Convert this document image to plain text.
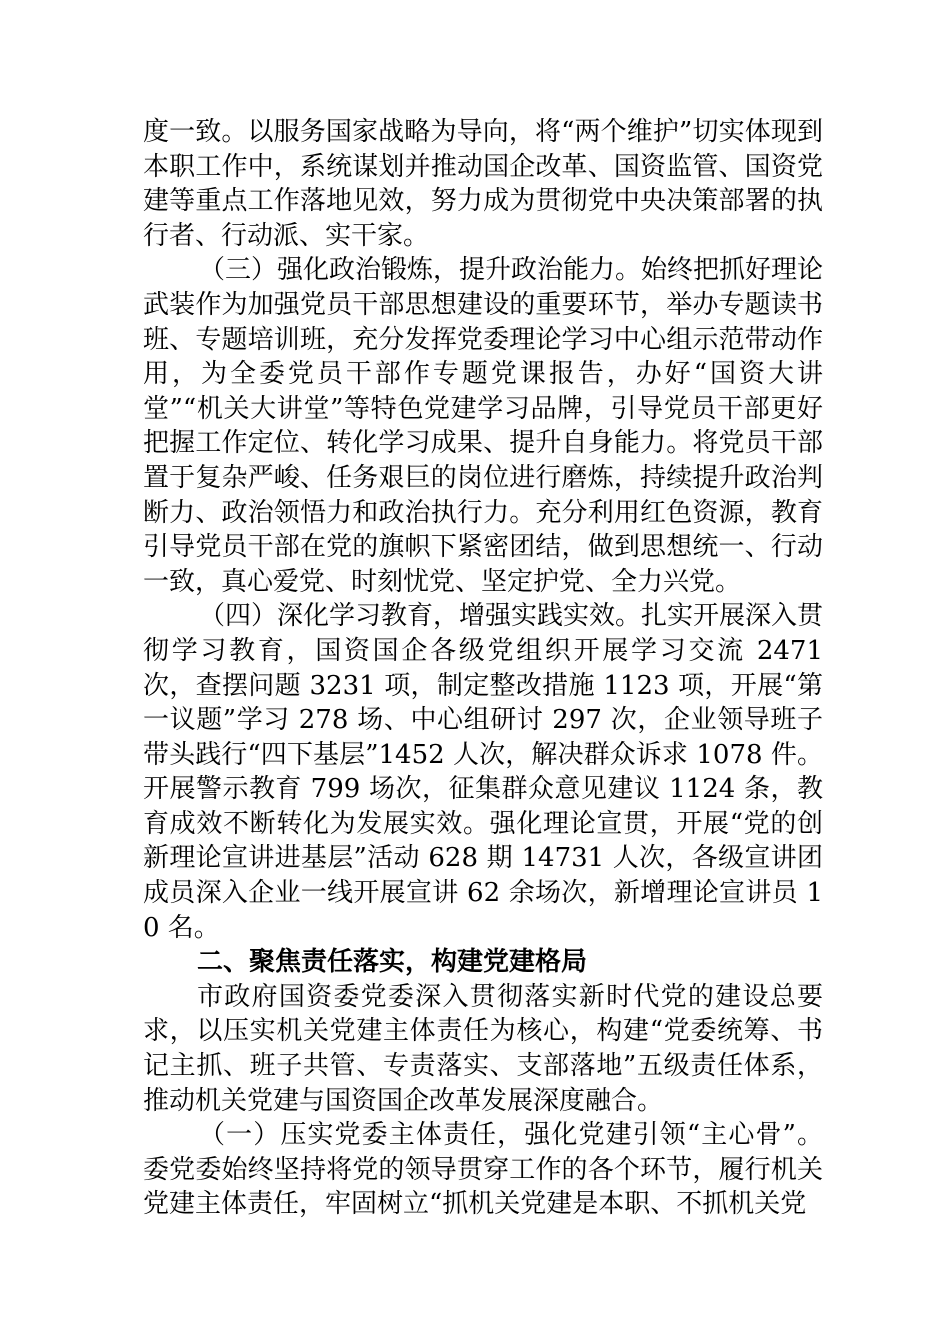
度一致。以服务国家战略为导向，将“两个维护”切实体现到本职工作中，系统谋划并推动国企改革、国资监管、国资党建等重点工作落地见效，努力成为贯彻党中央决策部署的执行者、行动派、实干家。

（三）强化政治锻炼，提升政治能力。始终把抓好理论武装作为加强党员干部思想建设的重要环节，举办专题读书班、专题培训班，充分发挥党委理论学习中心组示范带动作用，为全委党员干部作专题党课报告，办好“国资大讲堂”“机关大讲堂”等特色党建学习品牌，引导党员干部更好把握工作定位、转化学习成果、提升自身能力。将党员干部置于复杂严峻、任务艰巨的岗位进行磨炼，持续提升政治判断力、政治领悟力和政治执行力。充分利用红色资源，教育引导党员干部在党的旗帜下紧密团结，做到思想统一、行动一致，真心爱党、时刻忧党、坚定护党、全力兴党。

（四）深化学习教育，增强实践实效。扎实开展深入贯彻学习教育，国资国企各级党组织开展学习交流 2471 次，查摆问题 3231 项，制定整改措施 1123 项，开展“第一议题”学习 278 场、中心组研讨 297 次，企业领导班子带头践行“四下基层”1452 人次，解决群众诉求 1078 件。开展警示教育 799 场次，征集群众意见建议 1124 条，教育成效不断转化为发展实效。强化理论宣贯，开展“党的创新理论宣讲进基层”活动 628 期 14731 人次，各级宣讲团成员深入企业一线开展宣讲 62 余场次，新增理论宣讲员 10 名。

二、聚焦责任落实，构建党建格局

市政府国资委党委深入贯彻落实新时代党的建设总要求，以压实机关党建主体责任为核心，构建“党委统筹、书记主抓、班子共管、专责落实、支部落地”五级责任体系，推动机关党建与国资国企改革发展深度融合。

（一）压实党委主体责任，强化党建引领“主心骨”。委党委始终坚持将党的领导贯穿工作的各个环节，履行机关党建主体责任，牢固树立“抓机关党建是本职、不抓机关党
